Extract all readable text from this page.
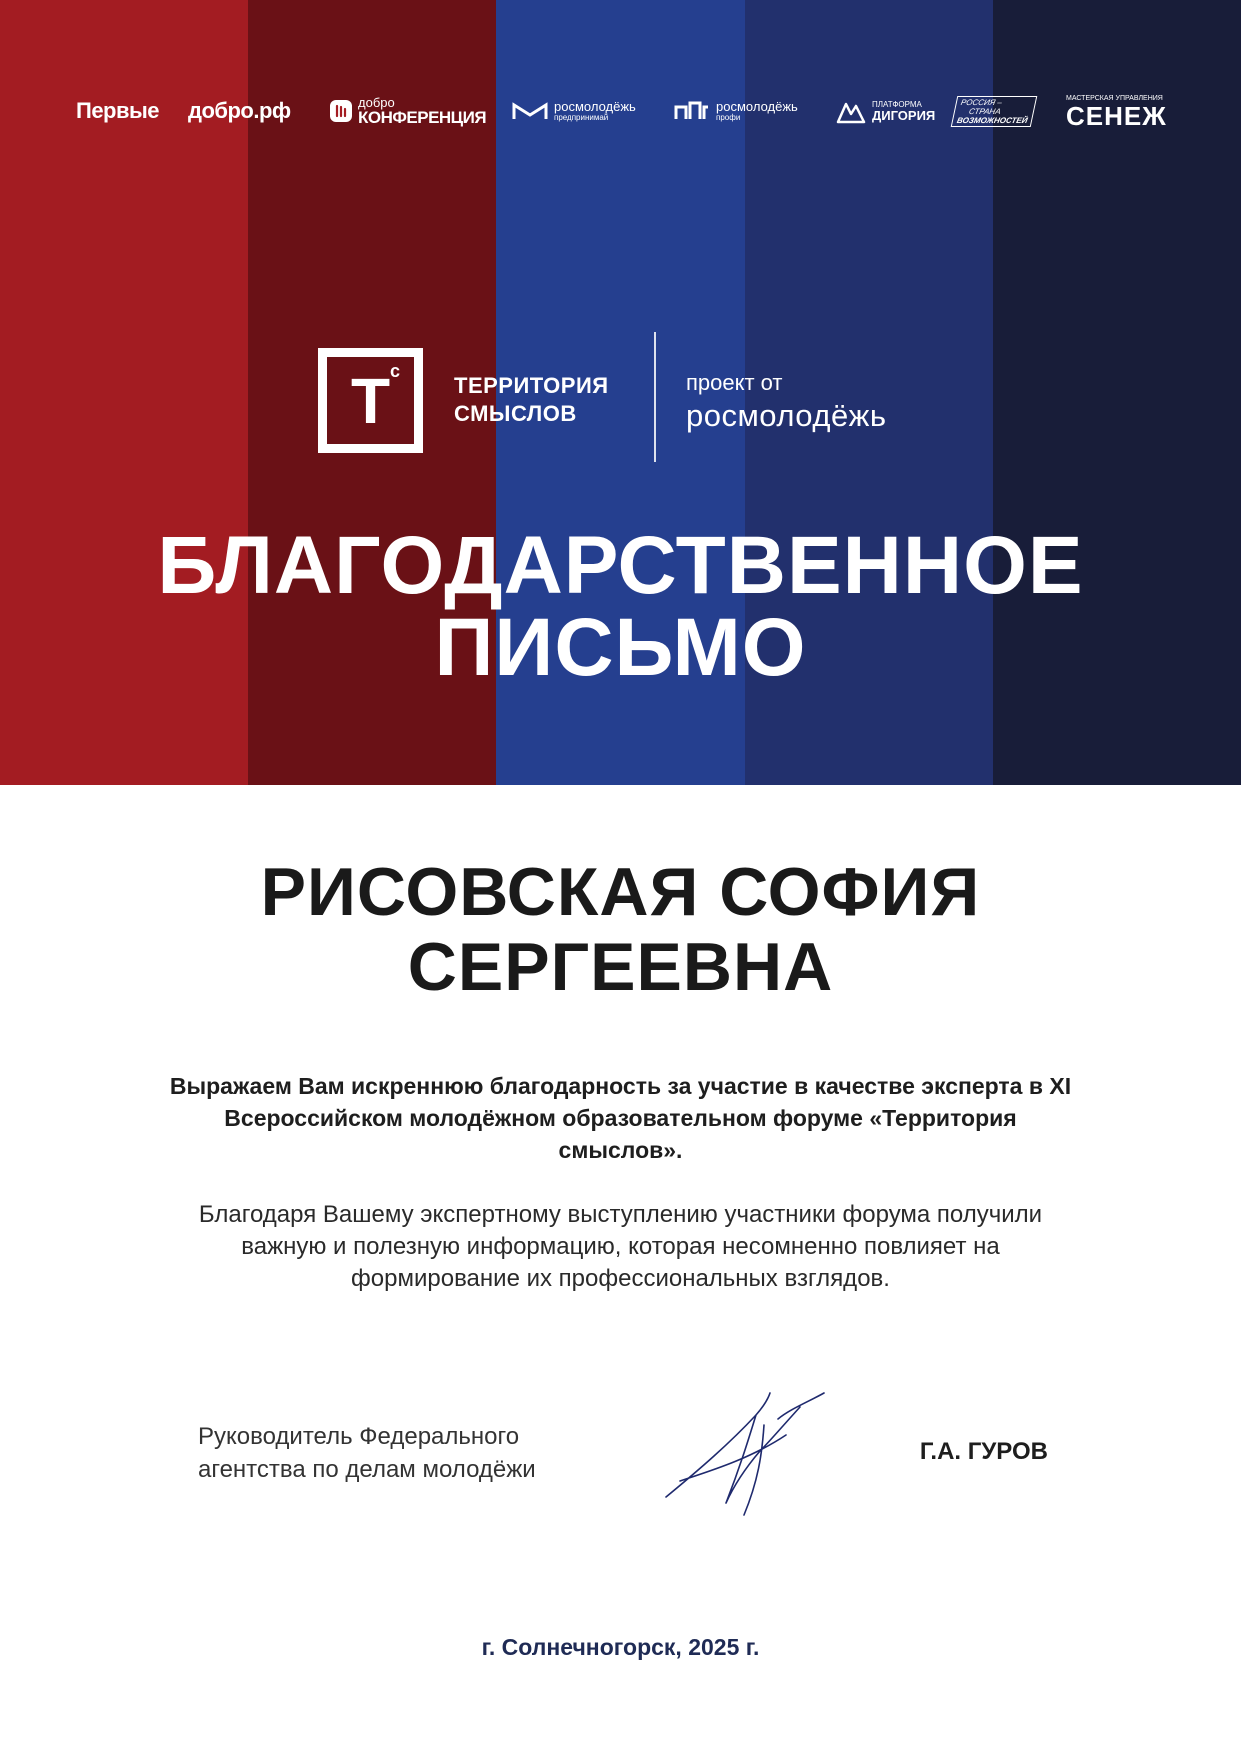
Первые добро.рф	добро
КОНФЕРЕНЦИЯ
росмолодёжь
предпринимай
росмолодёжь
профи
ПЛАТФОРМА
ДИГОРИЯ
РОССИЯ –
СТРАНА
ВОЗМОЖНОСТЕЙ
МАСТЕРСКАЯ УПРАВЛЕНИЯ
СЕНЕЖ
Т с
ТЕРРИТОРИЯ
СМЫСЛОВ
проект от
росмолодёжь
БЛАГОДАРСТВЕННОЕ
ПИСЬМО
РИСОВСКАЯ СОФИЯ
СЕРГЕЕВНА

Выражаем Вам искреннюю благодарность за участие в качестве эксперта в XI Всероссийском молодёжном образовательном форуме «Территория смыслов».

Благодаря Вашему экспертному выступлению участники форума получили важную и полезную информацию, которая несомненно повлияет на формирование их профессиональных взглядов.

Руководитель Федерального
агентства по делам молодёжи
Г.А. ГУРОВ
г. Солнечногорск, 2025 г.
